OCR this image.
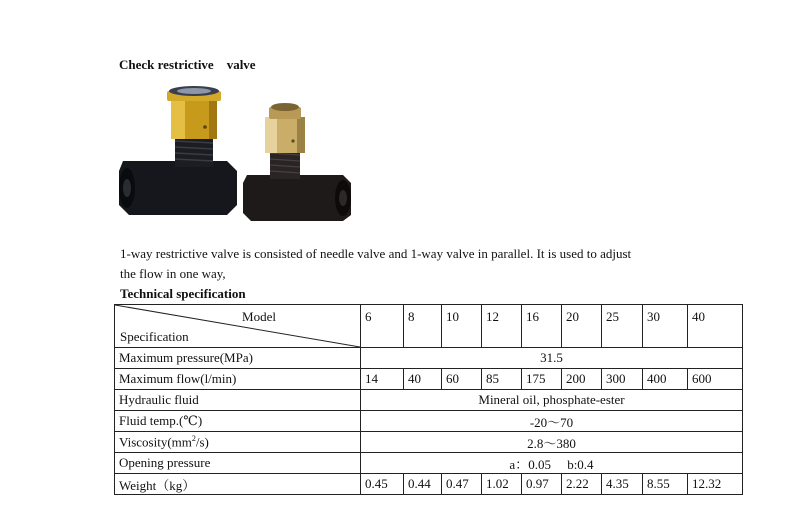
Check restrictive    valve
1-way restrictive valve is consisted of needle valve and 1-way valve in parallel. It is used to adjust
the flow in one way,
Technical specification
Model
Specification	6	8	10	12	16	20	25	30	40
Maximum pressure(MPa)	31.5								
Maximum flow(l/min)	14	40	60	85	175	200	300	400	600
Hydraulic fluid	Mineral oil, phosphate-ester								
Fluid temp.(℃)	-20～70								
$Viscosity(mm^2/s)$	2.8～380								
Opening pressure	a：0.05     b:0.4								
Weight（kg）	0.45	0.44	0.47	1.02	0.97	2.22	4.35	8.55	12.32
